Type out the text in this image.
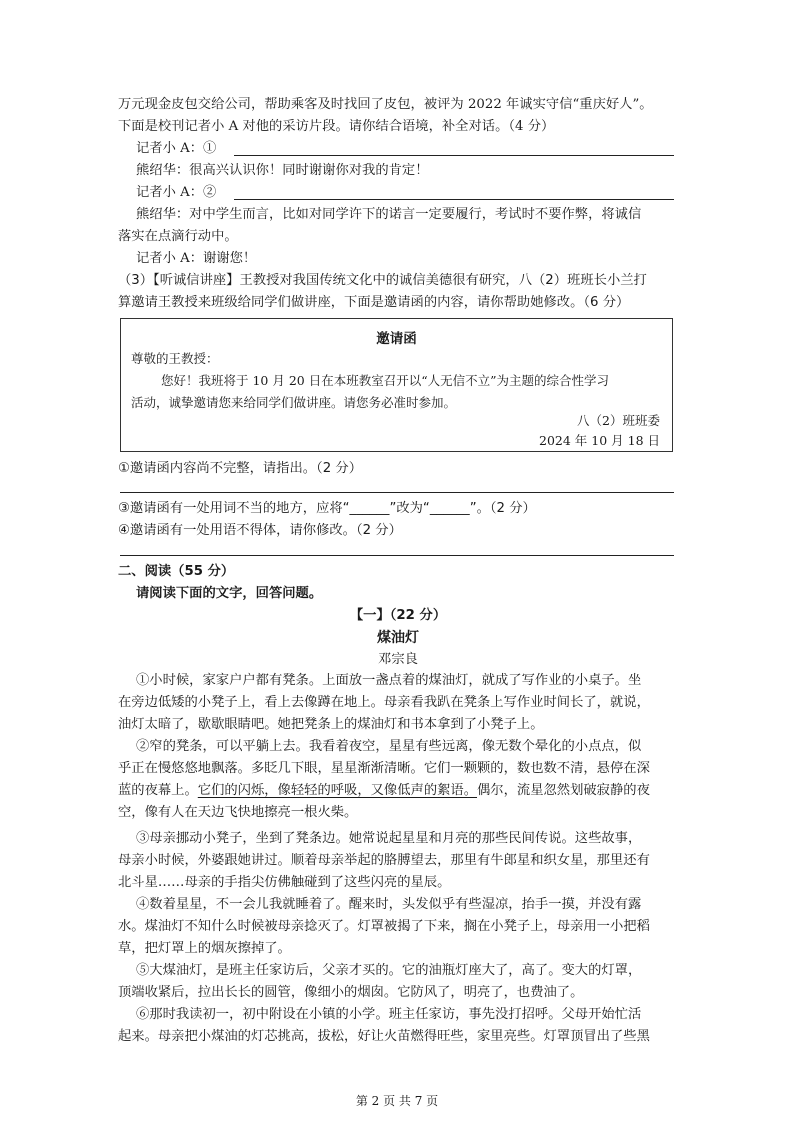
万元现金皮包交给公司，帮助乘客及时找回了皮包，被评为 2022 年诚实守信“重庆好人”。
下面是校刊记者小 A 对他的采访片段。请你结合语境，补全对话。（4 分）
记者小 A：①
熊绍华：很高兴认识你！同时谢谢你对我的肯定！
记者小 A：②
熊绍华：对中学生而言，比如对同学许下的诺言一定要履行，考试时不要作弊，将诚信
落实在点滴行动中。
记者小 A：谢谢您！
（3）【听诚信讲座】王教授对我国传统文化中的诚信美德很有研究，八（2）班班长小兰打
算邀请王教授来班级给同学们做讲座，下面是邀请函的内容，请你帮助她修改。（6 分）
邀请函
尊敬的王教授：
您好！我班将于 10 月 20 日在本班教室召开以“人无信不立”为主题的综合性学习
活动，诚挚邀请您来给同学们做讲座。请您务必准时参加。
八（2）班班委
2024 年 10 月 18 日
①邀请函内容尚不完整，请指出。（2 分）
③邀请函有一处用词不当的地方，应将“______”改为“______”。（2 分）
④邀请函有一处用语不得体，请你修改。（2 分）
二、阅读（55 分）
请阅读下面的文字，回答问题。
【一】（22 分）
煤油灯
邓宗良
①小时候，家家户户都有凳条。上面放一盏点着的煤油灯，就成了写作业的小桌子。坐
在旁边低矮的小凳子上，看上去像蹲在地上。母亲看我趴在凳条上写作业时间长了，就说，
油灯太暗了，歇歇眼睛吧。她把凳条上的煤油灯和书本拿到了小凳子上。
②窄的凳条，可以平躺上去。我看着夜空，星星有些远离，像无数个晕化的小点点，似
乎正在慢悠悠地飘落。多眨几下眼，星星渐渐清晰。它们一颗颗的，数也数不清，悬停在深
蓝的夜幕上。它们的闪烁，像轻轻的呼吸，又像低声的絮语。偶尔，流星忽然划破寂静的夜
空，像有人在天边飞快地擦亮一根火柴。
③母亲挪动小凳子，坐到了凳条边。她常说起星星和月亮的那些民间传说。这些故事，
母亲小时候，外婆跟她讲过。顺着母亲举起的胳膊望去，那里有牛郎星和织女星，那里还有
北斗星……母亲的手指尖仿佛触碰到了这些闪亮的星辰。
④数着星星，不一会儿我就睡着了。醒来时，头发似乎有些湿凉，抬手一摸，并没有露
水。煤油灯不知什么时候被母亲捻灭了。灯罩被揭了下来，搁在小凳子上，母亲用一小把稻
草，把灯罩上的烟灰擦掉了。
⑤大煤油灯，是班主任家访后，父亲才买的。它的油瓶灯座大了，高了。变大的灯罩，
顶端收紧后，拉出长长的圆管，像细小的烟囱。它防风了，明亮了，也费油了。
⑥那时我读初一，初中附设在小镇的小学。班主任家访，事先没打招呼。父母开始忙活
起来。母亲把小煤油的灯芯挑高，拔松，好让火苗燃得旺些，家里亮些。灯罩顶冒出了些黑
第 2 页 共 7 页
